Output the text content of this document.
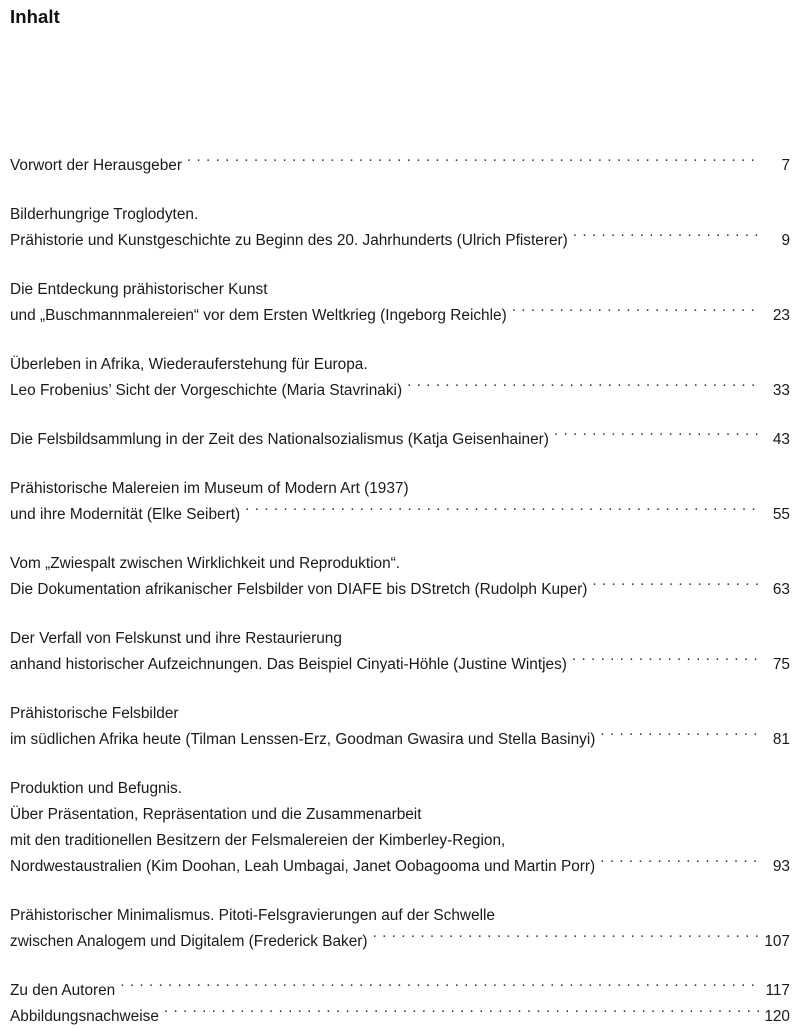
Inhalt
Vorwort der Herausgeber . . .	7
Bilderhungrige Troglodyten.
Prähistorie und Kunstgeschichte zu Beginn des 20. Jahrhunderts (Ulrich Pfisterer) . . .	9
Die Entdeckung prähistorischer Kunst
und „Buschmannmalereien“ vor dem Ersten Weltkrieg (Ingeborg Reichle) . . .	23
Überleben in Afrika, Wiederauferstehung für Europa.
Leo Frobenius’ Sicht der Vorgeschichte (Maria Stavrinaki) . . .	33
Die Felsbildsammlung in der Zeit des Nationalsozialismus (Katja Geisenhainer) . . .	43
Prähistorische Malereien im Museum of Modern Art (1937)
und ihre Modernität (Elke Seibert) . . .	55
Vom „Zwiespalt zwischen Wirklichkeit und Reproduktion“.
Die Dokumentation afrikanischer Felsbilder von DIAFE bis DStretch (Rudolph Kuper) . . .	63
Der Verfall von Felskunst und ihre Restaurierung
anhand historischer Aufzeichnungen. Das Beispiel Cinyati-Höhle (Justine Wintjes) . . .	75
Prähistorische Felsbilder
im südlichen Afrika heute (Tilman Lenssen-Erz, Goodman Gwasira und Stella Basinyi) . . .	81
Produktion und Befugnis.
Über Präsentation, Repräsentation und die Zusammenarbeit
mit den traditionellen Besitzern der Felsmalereien der Kimberley-Region,
Nordwestaustralien (Kim Doohan, Leah Umbagai, Janet Oobagooma und Martin Porr) . . .	93
Prähistorischer Minimalismus. Pitoti-Felsgravierungen auf der Schwelle
zwischen Analogem und Digitalem (Frederick Baker) . . .	107
Zu den Autoren . . .	117
Abbildungsnachweise . . .	120
